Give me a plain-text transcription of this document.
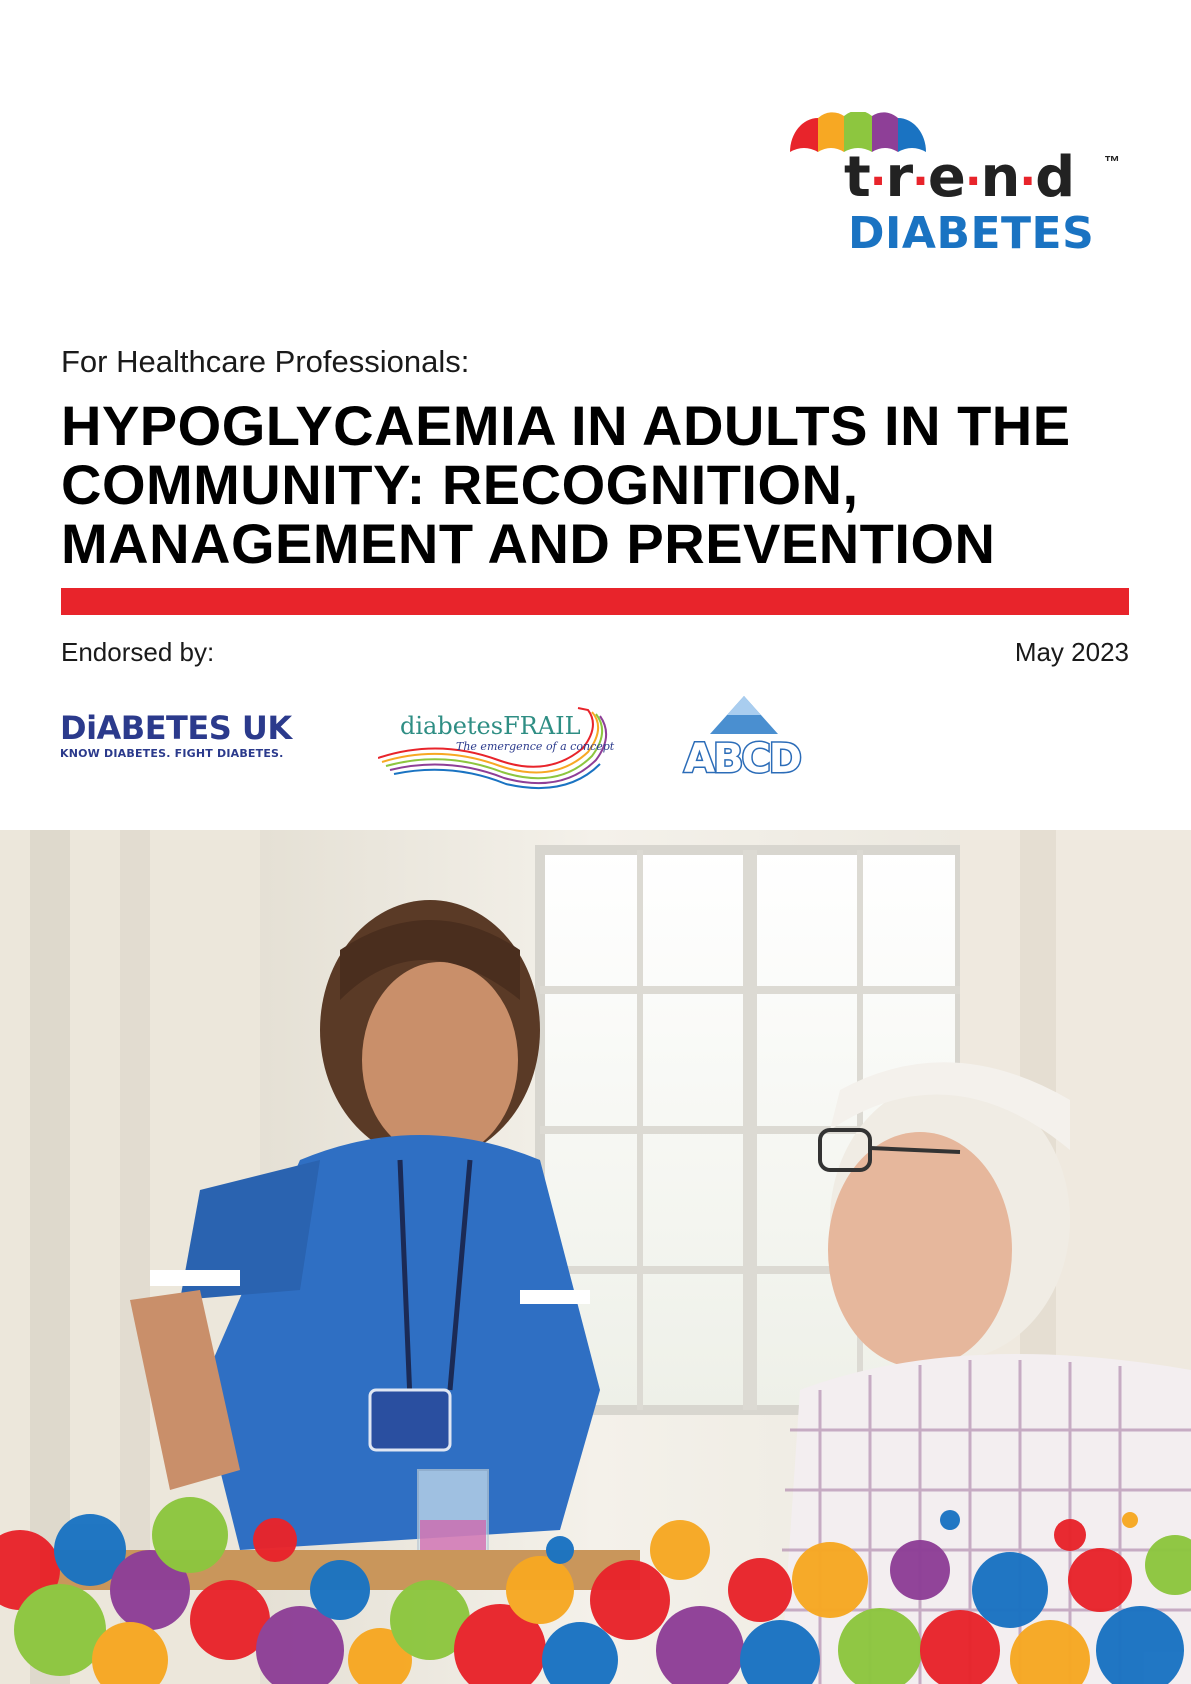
t·r·e·n·d ™
DIABETES
For Healthcare Professionals:
HYPOGLYCAEMIA IN ADULTS IN THE
COMMUNITY: RECOGNITION,
MANAGEMENT AND PREVENTION
Endorsed by:	May 2023
DiABETES UK
KNOW DIABETES. FIGHT DIABETES.
diabetesFRAIL
The emergence of a concept ABCD
